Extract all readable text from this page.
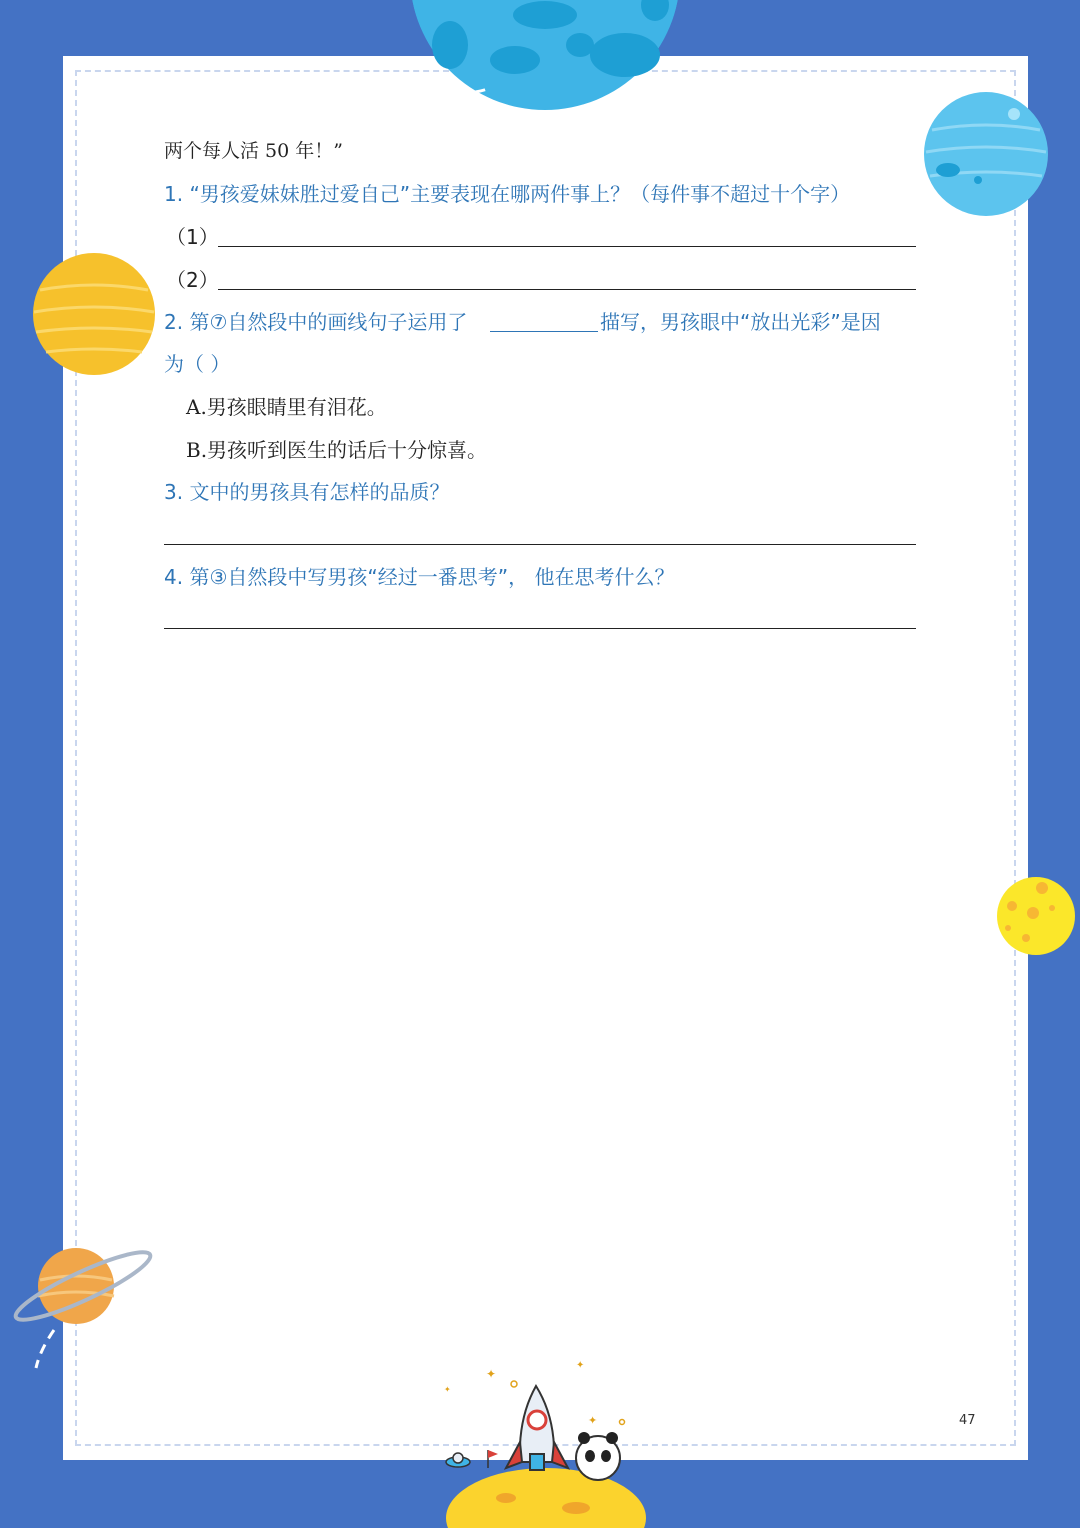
✦
✦
✦
✦
两个每人活 50 年！”
1. “男孩爱妹妹胜过爱自己”主要表现在哪两件事上？（每件事不超过十个字）
（1）
（2）
2. 第⑦自然段中的画线句子运用了	描写，男孩眼中“放出光彩”是因
为（ ）
A.男孩眼睛里有泪花。
B.男孩听到医生的话后十分惊喜。
3. 文中的男孩具有怎样的品质？
4. 第③自然段中写男孩“经过一番思考”， 他在思考什么？
47
